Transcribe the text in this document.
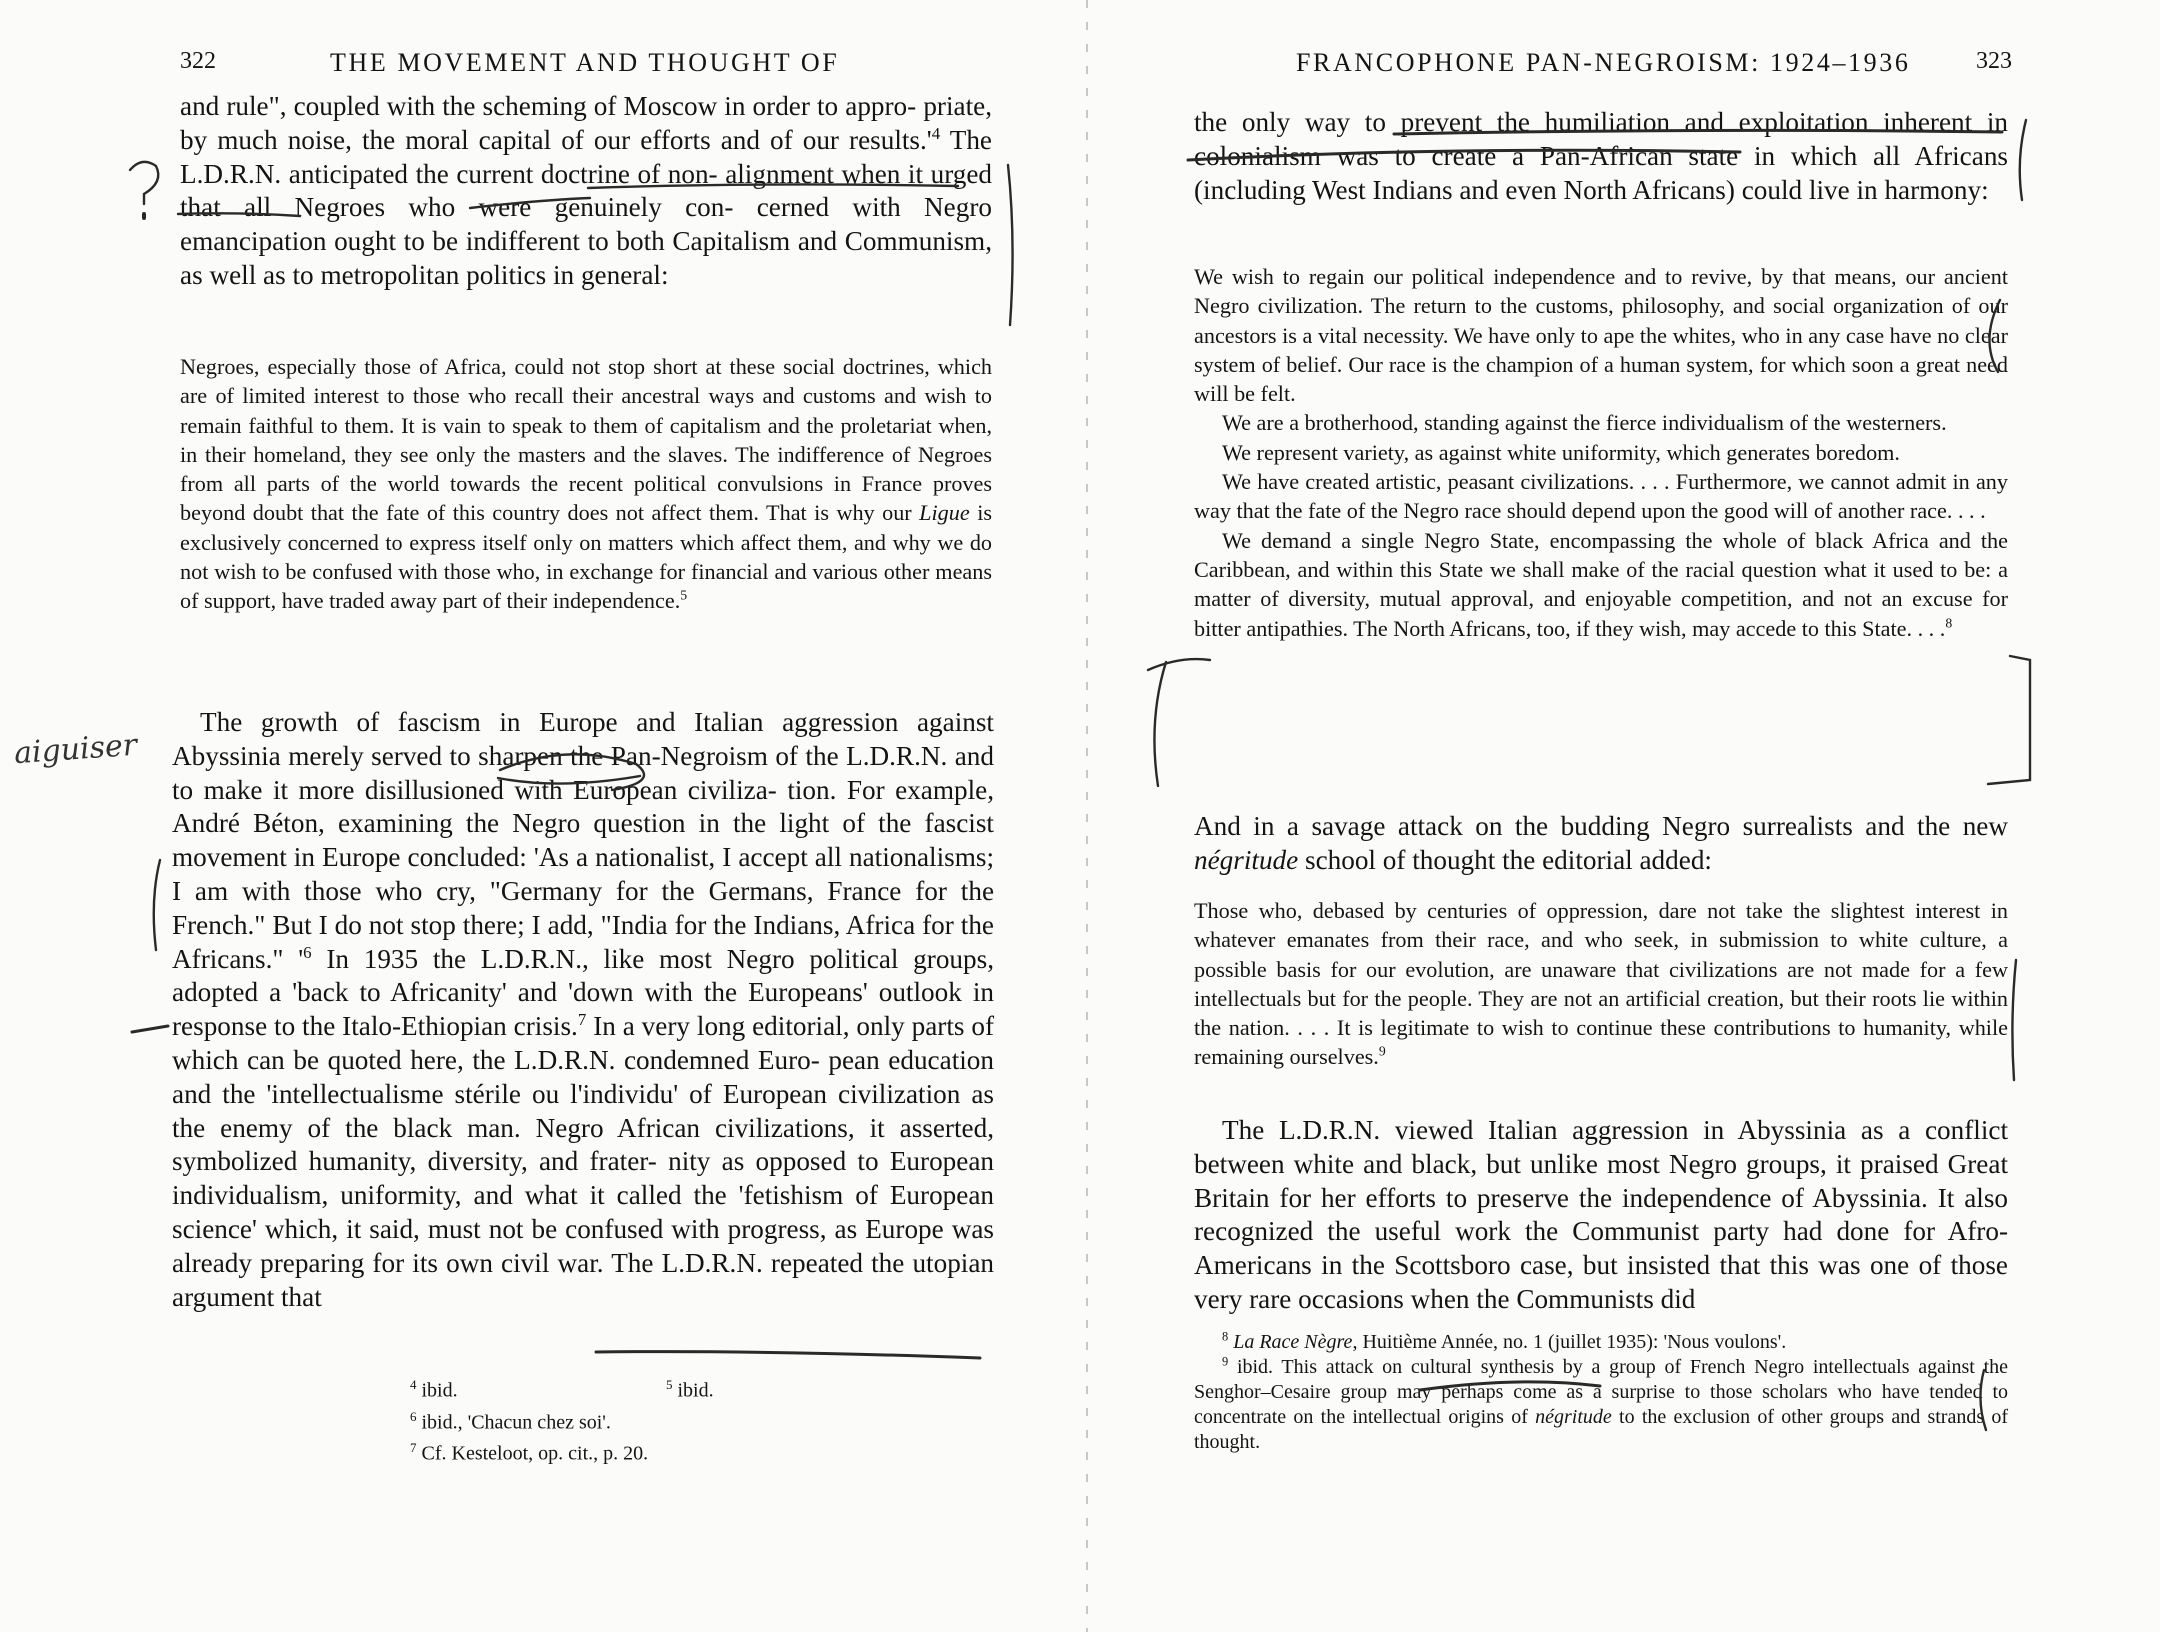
322	THE MOVEMENT AND THOUGHT OF
and rule", coupled with the scheming of Moscow in order to appro- priate, by much noise, the moral capital of our efforts and of our $results.'^4$ The L.D.R.N. anticipated the current doctrine of non- alignment when it urged that all Negroes who were genuinely con- cerned with Negro emancipation ought to be indifferent to both Capitalism and Communism, as well as to metropolitan politics in general:
Negroes, especially those of Africa, could not stop short at these social doctrines, which are of limited interest to those who recall their ancestral ways and customs and wish to remain faithful to them. It is vain to speak to them of capitalism and the proletariat when, in their homeland, they see only the masters and the slaves. The indifference of Negroes from all parts of the world towards the recent political convulsions in France proves beyond doubt that the fate of this country does not affect them. That is why our Ligue is exclusively concerned to express itself only on matters which affect them, and why we do not wish to be confused with those who, in exchange for financial and various other means of support, have traded away part of their independence.$^5$
The growth of fascism in Europe and Italian aggression against Abyssinia merely served to sharpen the Pan-Negroism of the L.D.R.N. and to make it more disillusioned with European civiliza- tion. For example, André Béton, examining the Negro question in the light of the fascist movement in Europe concluded: 'As a nationalist, I accept all nationalisms; I am with those who cry, "Germany for the Germans, France for the French." But I do not stop there; I add, "India for the Indians, Africa for the Africans." '$^6$ In 1935 the L.D.R.N., like most Negro political groups, adopted a 'back to Africanity' and 'down with the Europeans' outlook in response to the Italo-Ethiopian crisis.$^7$ In a very long editorial, only parts of which can be quoted here, the L.D.R.N. condemned Euro- pean education and the 'intellectualisme stérile ou l'individu' of European civilization as the enemy of the black man. Negro African civilizations, it asserted, symbolized humanity, diversity, and frater- nity as opposed to European individualism, uniformity, and what it called the 'fetishism of European science' which, it said, must not be confused with progress, as Europe was already preparing for its own civil war. The L.D.R.N. repeated the utopian argument that
$^4$ ibid.	$^5$ ibid.
$^6$ ibid., 'Chacun chez soi'.
$^7$ Cf. Kesteloot, op. cit., p. 20.
FRANCOPHONE PAN-NEGROISM: 1924–1936	323
the only way to prevent the humiliation and exploitation inherent in colonialism was to create a Pan-African state in which all Africans (including West Indians and even North Africans) could live in harmony:

We wish to regain our political independence and to revive, by that means, our ancient Negro civilization. The return to the customs, philosophy, and social organization of our ancestors is a vital necessity. We have only to ape the whites, who in any case have no clear system of belief. Our race is the champion of a human system, for which soon a great need will be felt.

We are a brotherhood, standing against the fierce individualism of the westerners.

We represent variety, as against white uniformity, which generates boredom.

We have created artistic, peasant civilizations. . . . Furthermore, we cannot admit in any way that the fate of the Negro race should depend upon the good will of another race. . . .

We demand a single Negro State, encompassing the whole of black Africa and the Caribbean, and within this State we shall make of the racial question what it used to be: a matter of diversity, mutual approval, and enjoyable competition, and not an excuse for bitter antipathies. The North Africans, too, if they wish, may accede to this State. . . .$^8$

And in a savage attack on the budding Negro surrealists and the new négritude school of thought the editorial added:
Those who, debased by centuries of oppression, dare not take the slightest interest in whatever emanates from their race, and who seek, in submission to white culture, a possible basis for our evolution, are unaware that civilizations are not made for a few intellectuals but for the people. They are not an artificial creation, but their roots lie within the nation. . . . It is legitimate to wish to continue these contributions to humanity, while remaining ourselves.$^9$
The L.D.R.N. viewed Italian aggression in Abyssinia as a conflict between white and black, but unlike most Negro groups, it praised Great Britain for her efforts to preserve the independence of Abyssinia. It also recognized the useful work the Communist party had done for Afro-Americans in the Scottsboro case, but insisted that this was one of those very rare occasions when the Communists did

$^8$ La Race Nègre, Huitième Année, no. 1 (juillet 1935): 'Nous voulons'.

$^9$ ibid. This attack on cultural synthesis by a group of French Negro intellectuals against the Senghor–Cesaire group may perhaps come as a surprise to those scholars who have tended to concentrate on the intellectual origins of négritude to the exclusion of other groups and strands of thought.

aiguiser
